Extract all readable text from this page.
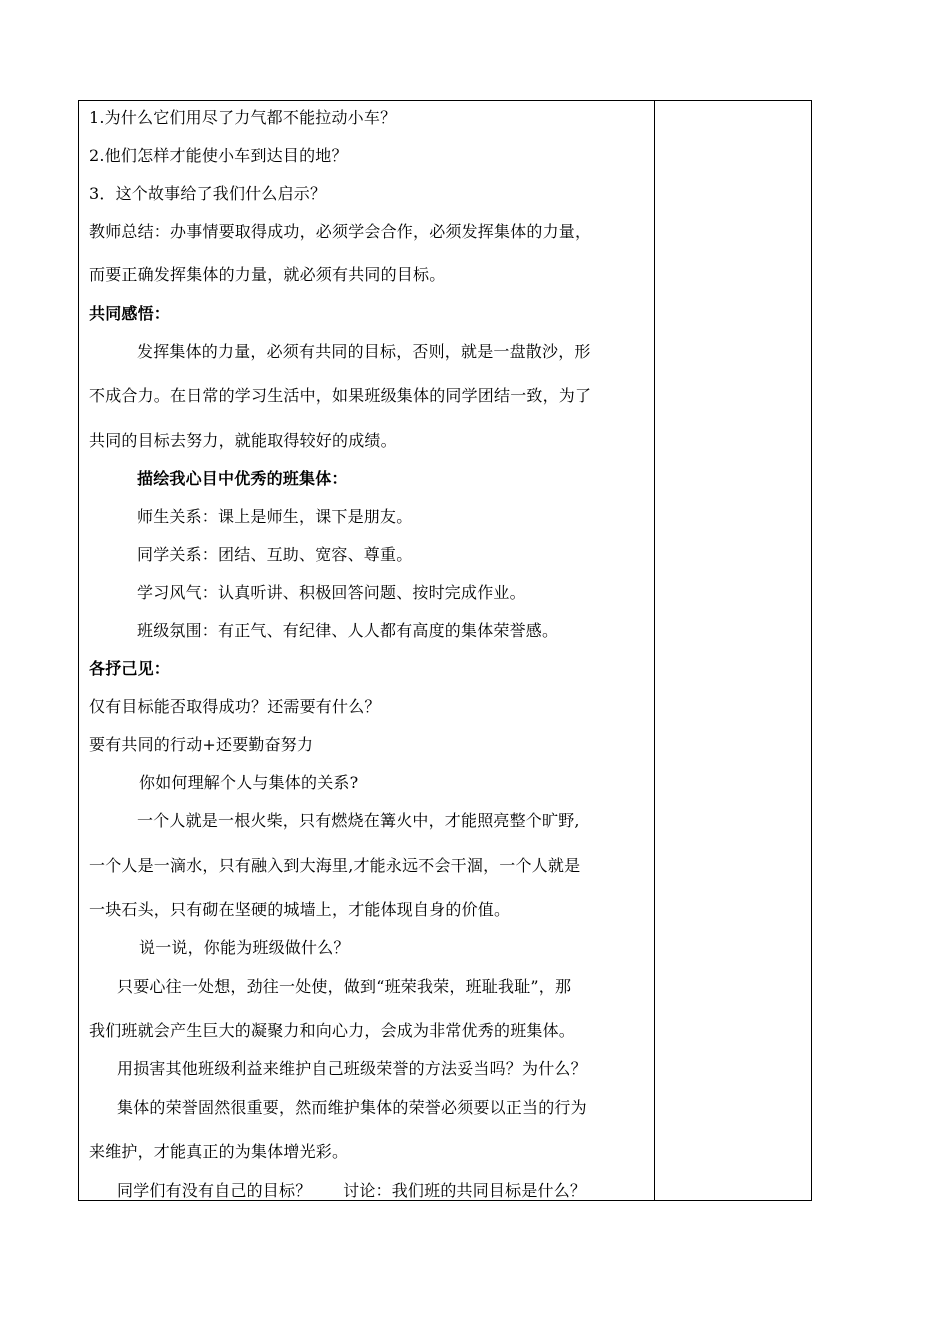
1.为什么它们用尽了力气都不能拉动小车？
2.他们怎样才能使小车到达目的地？
3．这个故事给了我们什么启示？
教师总结：办事情要取得成功，必须学会合作，必须发挥集体的力量，
而要正确发挥集体的力量，就必须有共同的目标。
共同感悟：
发挥集体的力量，必须有共同的目标，否则，就是一盘散沙，形
不成合力。在日常的学习生活中，如果班级集体的同学团结一致，为了
共同的目标去努力，就能取得较好的成绩。
描绘我心目中优秀的班集体：
师生关系：课上是师生，课下是朋友。
同学关系：团结、互助、宽容、尊重。
学习风气：认真听讲、积极回答问题、按时完成作业。
班级氛围：有正气、有纪律、人人都有高度的集体荣誉感。
各抒己见：
仅有目标能否取得成功？还需要有什么？
要有共同的行动+还要勤奋努力
你如何理解个人与集体的关系?
一个人就是一根火柴，只有燃烧在篝火中，才能照亮整个旷野,
一个人是一滴水，只有融入到大海里,才能永远不会干涸，一个人就是
一块石头，只有砌在坚硬的城墙上，才能体现自身的价值。
说一说，你能为班级做什么？
只要心往一处想，劲往一处使，做到“班荣我荣，班耻我耻”，那
我们班就会产生巨大的凝聚力和向心力，会成为非常优秀的班集体。
用损害其他班级利益来维护自己班级荣誉的方法妥当吗？为什么？
集体的荣誉固然很重要，然而维护集体的荣誉必须要以正当的行为
来维护，才能真正的为集体增光彩。
同学们有没有自己的目标？      讨论：我们班的共同目标是什么？
